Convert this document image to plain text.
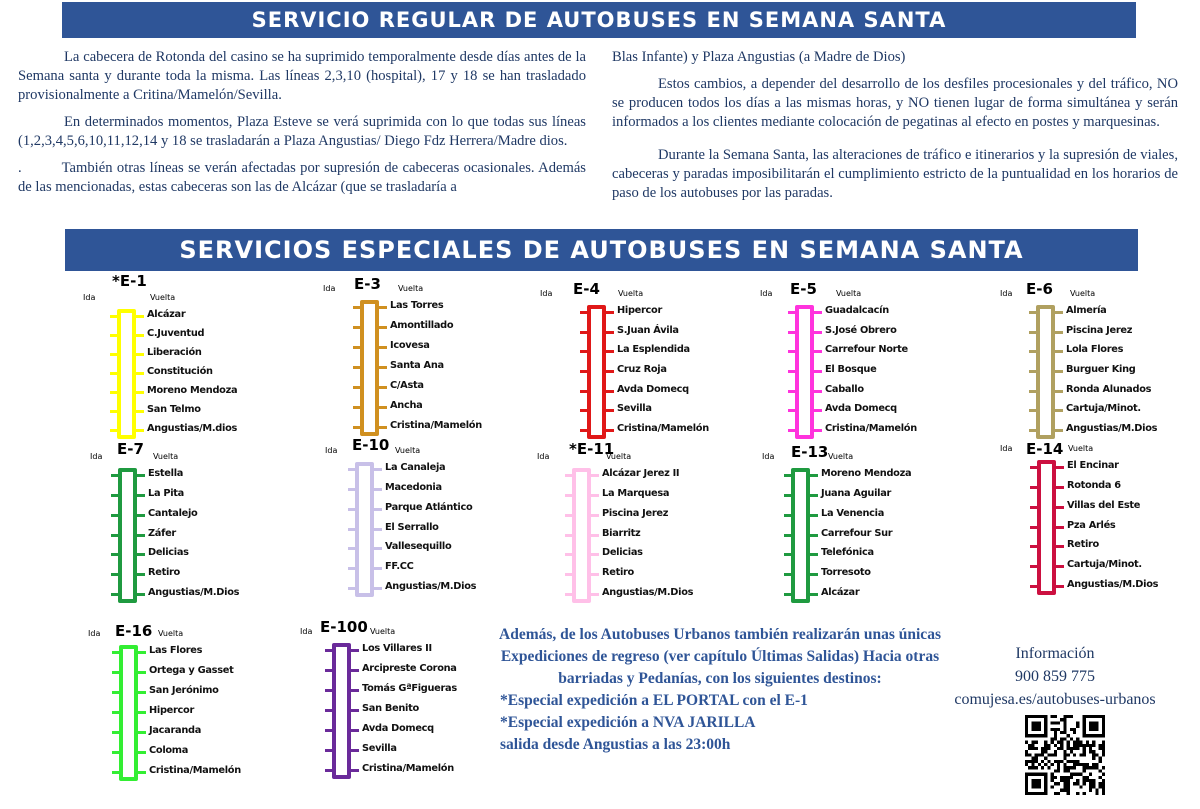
SERVICIO REGULAR DE AUTOBUSES EN SEMANA SANTA

La cabecera de Rotonda del casino se ha suprimido temporalmente desde días antes de la Semana santa y durante toda la misma. Las líneas 2,3,10 (hospital), 17 y 18 se han trasladado provisionalmente a Critina/Mamelón/Sevilla.

En determinados momentos, Plaza Esteve se verá suprimida con lo que todas sus líneas (1,2,3,4,5,6,10,11,12,14 y 18 se trasladarán a Plaza Angustias/ Diego Fdz Herrera/Madre dios.

.	También otras líneas se verán afectadas por supresión de cabeceras ocasionales. Además de las mencionadas, estas cabeceras son las de Alcázar (que se trasladaría a

Blas Infante) y Plaza Angustias (a Madre de Dios)

Estos cambios, a depender del desarrollo de los desfiles procesionales y del tráfico, NO se producen todos los días a las mismas horas, y NO tienen lugar de forma simultánea y serán informados a los clientes mediante colocación de pegatinas al efecto en postes y marquesinas.

Durante la Semana Santa, las alteraciones de tráfico e itinerarios y la supresión de viales, cabeceras y paradas imposibilitarán el cumplimiento estricto de la puntualidad en los horarios de paso de los autobuses por las paradas.

SERVICIOS ESPECIALES DE AUTOBUSES EN SEMANA SANTA
*E-1
Ida	Vuelta
Alcázar
C.Juventud
Liberación
Constitución
Moreno Mendoza
San Telmo
Angustias/M.dios
E-3
Ida	Vuelta
Las Torres
Amontillado
Icovesa
Santa Ana
C/Asta
Ancha
Cristina/Mamelón
E-4
Ida	Vuelta
Hipercor
S.Juan Ávila
La Esplendida
Cruz Roja
Avda Domecq
Sevilla
Cristina/Mamelón
E-5
Ida	Vuelta
Guadalcacín
S.José Obrero
Carrefour Norte
El Bosque
Caballo
Avda Domecq
Cristina/Mamelón
E-6
Ida	Vuelta
Almería
Piscina Jerez
Lola Flores
Burguer King
Ronda Alunados
Cartuja/Minot.
Angustias/M.Dios
E-7
Ida	Vuelta
Estella
La Pita
Cantalejo
Záfer
Delicias
Retiro
Angustias/M.Dios
E-10
Ida	Vuelta
La Canaleja
Macedonia
Parque Atlántico
El Serrallo
Vallesequillo
FF.CC
Angustias/M.Dios
*E-11
Ida	Vuelta
Alcázar Jerez II
La Marquesa
Piscina Jerez
Biarritz
Delicias
Retiro
Angustias/M.Dios
E-13
Ida	Vuelta
Moreno Mendoza
Juana Aguilar
La Venencia
Carrefour Sur
Telefónica
Torresoto
Alcázar
E-14
Ida	Vuelta
El Encinar
Rotonda 6
Villas del Este
Pza Arlés
Retiro
Cartuja/Minot.
Angustias/M.Dios
E-16
Ida	Vuelta
Las Flores
Ortega y Gasset
San Jerónimo
Hipercor
Jacaranda
Coloma
Cristina/Mamelón
E-100
Ida	Vuelta
Los Villares II
Arcipreste Corona
Tomás GªFigueras
San Benito
Avda Domecq
Sevilla
Cristina/Mamelón
Además, de los Autobuses Urbanos también realizarán unas únicas Expediciones de regreso (ver capítulo Últimas Salidas) Hacia otras barriadas y Pedanías, con los siguientes destinos:
*Especial expedición a EL PORTAL con el E-1
*Especial expedición a NVA JARILLA
salida desde Angustias a las 23:00h
Información
900 859 775
comujesa.es/autobuses-urbanos
